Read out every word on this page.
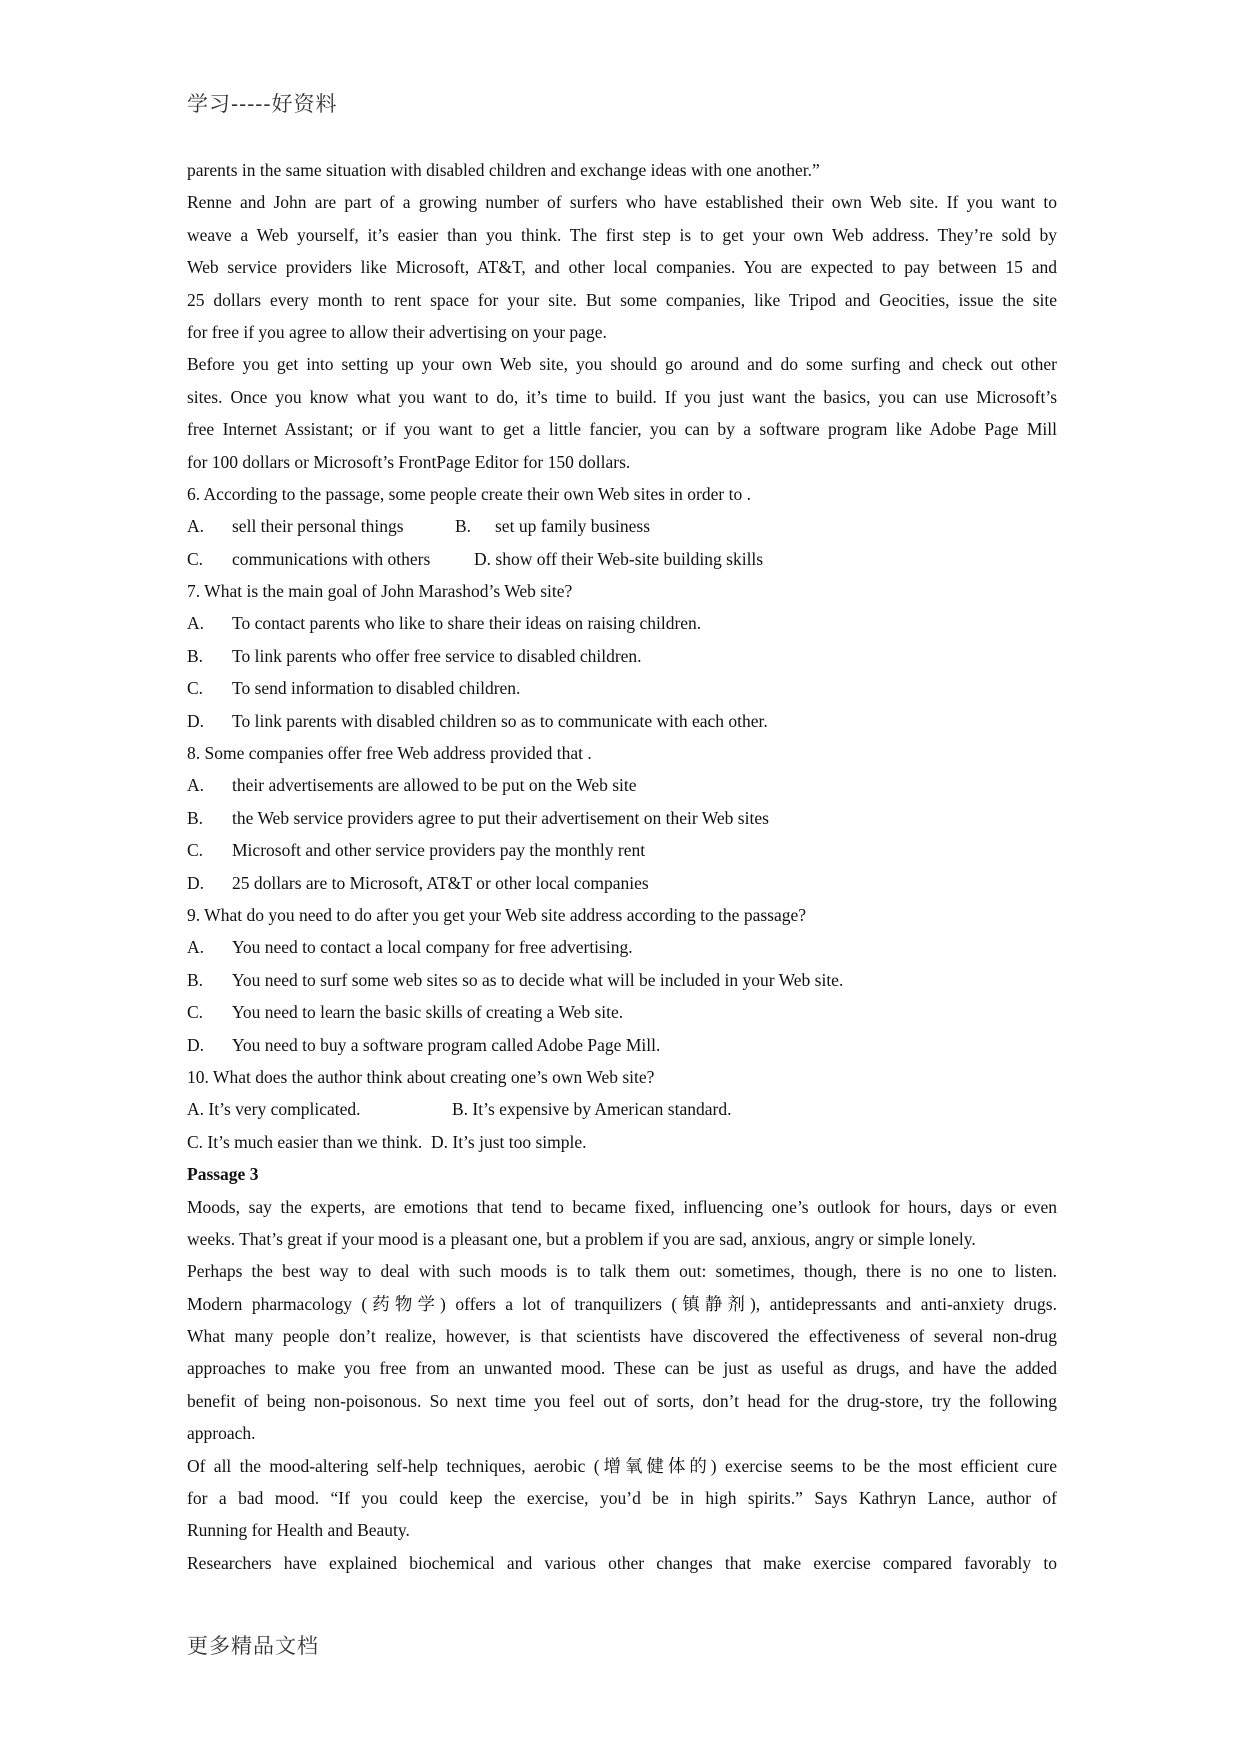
学习-----好资料
parents in the same situation with disabled children and exchange ideas with one another.”
Renne and John are part of a growing number of surfers who have established their own Web site. If you want to
weave a Web yourself, it’s easier than you think. The first step is to get your own Web address. They’re sold by
Web service providers like Microsoft, AT&T, and other local companies. You are expected to pay between 15 and
25 dollars every month to rent space for your site. But some companies, like Tripod and Geocities, issue the site
for free if you agree to allow their advertising on your page.
Before you get into setting up your own Web site, you should go around and do some surfing and check out other
sites. Once you know what you want to do, it’s time to build. If you just want the basics, you can use Microsoft’s
free Internet Assistant; or if you want to get a little fancier, you can by a software program like Adobe Page Mill
for 100 dollars or Microsoft’s FrontPage Editor for 150 dollars.
6. According to the passage, some people create their own Web sites in order to .
A. sell their personal things	B. set up family business
C. communications with others D. show off their Web-site building skills
7. What is the main goal of John Marashod’s Web site?
A. To contact parents who like to share their ideas on raising children.
B. To link parents who offer free service to disabled children.
C. To send information to disabled children.
D. To link parents with disabled children so as to communicate with each other.
8. Some companies offer free Web address provided that .
A. their advertisements are allowed to be put on the Web site
B. the Web service providers agree to put their advertisement on their Web sites
C. Microsoft and other service providers pay the monthly rent
D. 25 dollars are to Microsoft, AT&T or other local companies
9. What do you need to do after you get your Web site address according to the passage?
A. You need to contact a local company for free advertising.
B. You need to surf some web sites so as to decide what will be included in your Web site.
C. You need to learn the basic skills of creating a Web site.
D. You need to buy a software program called Adobe Page Mill.
10. What does the author think about creating one’s own Web site?
A. It’s very complicated.	B. It’s expensive by American standard.
C. It’s much easier than we think.  D. It’s just too simple.
Passage 3
Moods, say the experts, are emotions that tend to became fixed, influencing one’s outlook for hours, days or even
weeks. That’s great if your mood is a pleasant one, but a problem if you are sad, anxious, angry or simple lonely.
Perhaps the best way to deal with such moods is to talk them out: sometimes, though, there is no one to listen.
Modern pharmacology (药物学) offers a lot of tranquilizers (镇静剂), antidepressants and anti-anxiety drugs.
What many people don’t realize, however, is that scientists have discovered the effectiveness of several non-drug
approaches to make you free from an unwanted mood. These can be just as useful as drugs, and have the added
benefit of being non-poisonous. So next time you feel out of sorts, don’t head for the drug-store, try the following
approach.
Of all the mood-altering self-help techniques, aerobic (增氧健体的) exercise seems to be the most efficient cure
for a bad mood. “If you could keep the exercise, you’d be in high spirits.” Says Kathryn Lance, author of
Running for Health and Beauty.
Researchers have explained biochemical and various other changes that make exercise compared favorably to
更多精品文档
